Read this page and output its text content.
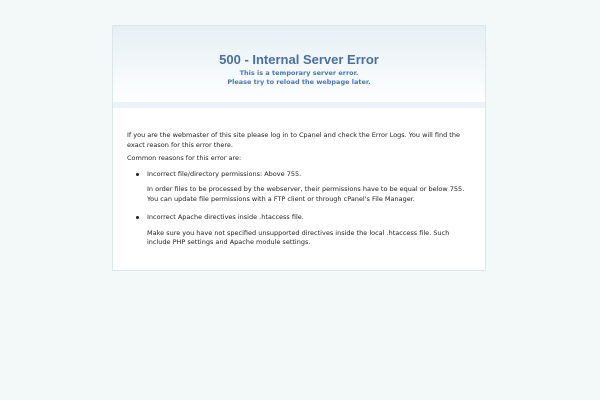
500 - Internal Server Error
This is a temporary server error.
Please try to reload the webpage later.

If you are the webmaster of this site please log in to Cpanel and check the Error Logs. You will find the exact reason for this error there.

Common reasons for this error are:

Incorrect file/directory permissions: Above 755.

In order files to be processed by the webserver, their permissions have to be equal or below 755. You can update file permissions with a FTP client or through cPanel's File Manager.

Incorrect Apache directives inside .htaccess file.

Make sure you have not specified unsupported directives inside the local .htaccess file. Such include PHP settings and Apache module settings.
